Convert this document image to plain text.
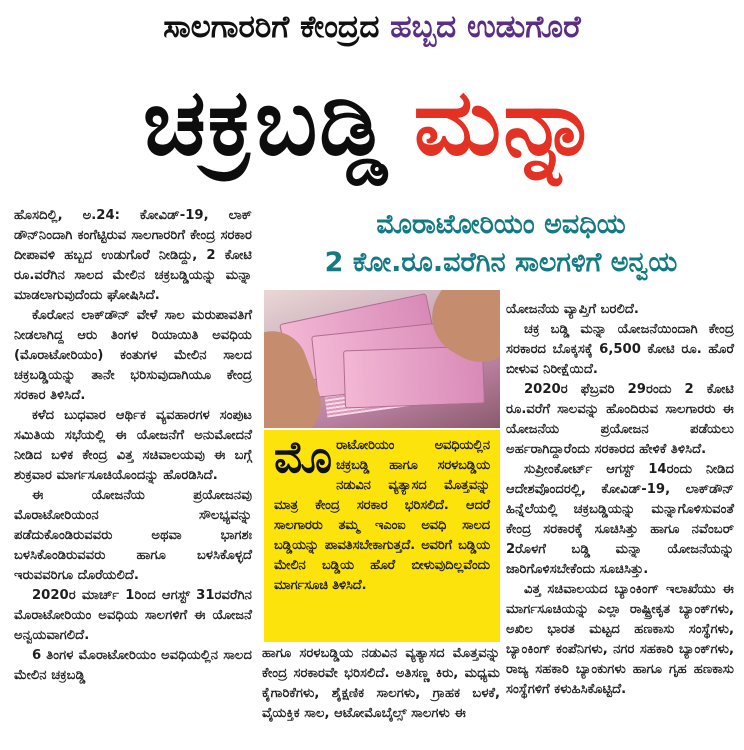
ಸಾಲಗಾರರಿಗೆ ಕೇಂದ್ರದ ಹಬ್ಬದ ಉಡುಗೊರೆ
ಚಕ್ರಬಡ್ಡಿ ಮನ್ನಾ
ಮೊರಾಟೋರಿಯಂ ಅವಧಿಯ
2 ಕೋ.ರೂ.ವರೆಗಿನ ಸಾಲಗಳಿಗೆ ಅನ್ವಯ

ಹೊಸದಿಲ್ಲಿ, ಅ.24: ಕೋವಿಡ್-19, ಲಾಕ್ ಡೌನ್‌ನಿಂದಾಗಿ ಕಂಗೆಟ್ಟಿರುವ ಸಾಲಗಾರರಿಗೆ ಕೇಂದ್ರ ಸರಕಾರ ದೀಪಾವಳಿ ಹಬ್ಬದ ಉಡುಗೊರೆ ನೀಡಿದ್ದು, 2 ಕೋಟಿ ರೂ.ವರೆಗಿನ ಸಾಲದ ಮೇಲಿನ ಚಕ್ರಬಡ್ಡಿಯನ್ನು ಮನ್ನಾ ಮಾಡಲಾಗುವುದೆಂದು ಘೋಷಿಸಿದೆ.

ಕೊರೋನ ಲಾಕ್‌ಡೌನ್ ವೇಳೆ ಸಾಲ ಮರುಪಾವತಿಗೆ ನೀಡಲಾಗಿದ್ದ ಆರು ತಿಂಗಳ ರಿಯಾಯಿತಿ ಅವಧಿಯ (ಮೊರಾಟೋರಿಯಂ) ಕಂತುಗಳ ಮೇಲಿನ ಸಾಲದ ಚಕ್ರಬಡ್ಡಿಯನ್ನು ತಾನೇ ಭರಿಸುವುದಾಗಿಯೂ ಕೇಂದ್ರ ಸರಕಾರ ತಿಳಿಸಿದೆ.

ಕಳೆದ ಬುಧವಾರ ಆರ್ಥಿಕ ವ್ಯವಹಾರಗಳ ಸಂಪುಟ ಸಮಿತಿಯ ಸಭೆಯಲ್ಲಿ ಈ ಯೋಜನೆಗೆ ಅನುಮೋದನೆ ನೀಡಿದ ಬಳಿಕ ಕೇಂದ್ರ ವಿತ್ತ ಸಚಿವಾಲಯವು ಈ ಬಗ್ಗೆ ಶುಕ್ರವಾರ ಮಾರ್ಗಸೂಚಿಯೊಂದನ್ನು ಹೊರಡಿಸಿದೆ.

ಈ ಯೋಜನೆಯ ಪ್ರಯೋಜನವು ಮೊರಾಟೋರಿಯಂನ ಸೌಲಭ್ಯವನ್ನು ಪಡೆದುಕೊಂಡಿರುವವರು ಅಥವಾ ಭಾಗಶಃ ಬಳಸಿಕೊಂಡಿರುವವರು ಹಾಗೂ ಬಳಸಿಕೊಳ್ಳದೆ ಇರುವವರಿಗೂ ದೊರೆಯಲಿದೆ.

2020ರ ಮಾರ್ಚ್ 1ರಿಂದ ಆಗಸ್ಟ್ 31ರವರೆಗಿನ ಮೊರಾಟೋರಿಯಂ ಅವಧಿಯ ಸಾಲಗಳಿಗೆ ಈ ಯೋಜನೆ ಅನ್ವಯವಾಗಲಿದೆ.

6 ತಿಂಗಳ ಮೊರಾಟೋರಿಯಂ ಅವಧಿಯಲ್ಲಿನ ಸಾಲದ ಮೇಲಿನ ಚಕ್ರಬಡ್ಡಿ

ಮೊ ರಾಟೋರಿಯಂ	ಅವಧಿಯಲ್ಲಿನ ಚಕ್ರಬಡ್ಡಿ ಹಾಗೂ ಸರಳಬಡ್ಡಿಯ ನಡುವಿನ ವ್ಯತ್ಯಾಸದ ಮೊತ್ತವನ್ನು ಮಾತ್ರ ಕೇಂದ್ರ ಸರಕಾರ ಭರಿಸಲಿದೆ. ಆದರೆ ಸಾಲಗಾರರು ತಮ್ಮ ಇಎಂಐ ಅವಧಿ ಸಾಲದ ಬಡ್ಡಿಯನ್ನು ಪಾವತಿಸಬೇಕಾಗುತ್ತದೆ. ಅವರಿಗೆ ಬಡ್ಡಿಯ ಮೇಲಿನ ಬಡ್ಡಿಯ ಹೊರೆ ಬೀಳುವುದಿಲ್ಲವೆಂದು ಮಾರ್ಗಸೂಚಿ ತಿಳಿಸಿದೆ.

ಹಾಗೂ ಸರಳಬಡ್ಡಿಯ ನಡುವಿನ ವ್ಯತ್ಯಾಸದ ಮೊತ್ತವನ್ನು ಕೇಂದ್ರ ಸರಕಾರವೇ ಭರಿಸಲಿದೆ. ಅತಿಸಣ್ಣ ಕಿರು, ಮಧ್ಯಮ ಕೈಗಾರಿಕೆಗಳು, ಶೈಕ್ಷಣಿಕ ಸಾಲಗಳು, ಗ್ರಾಹಕ ಬಳಕೆ, ವೈಯಕ್ತಿಕ ಸಾಲ, ಆಟೋಮೊಬೈಲ್ಸ್ ಸಾಲಗಳು ಈ

ಯೋಜನೆಯ ವ್ಯಾಪ್ತಿಗೆ ಬರಲಿದೆ.

ಚಕ್ರ ಬಡ್ಡಿ ಮನ್ನಾ ಯೋಜನೆಯಿಂದಾಗಿ ಕೇಂದ್ರ ಸರಕಾರದ ಬೊಕ್ಕಸಕ್ಕೆ 6,500 ಕೋಟಿ ರೂ. ಹೊರೆ ಬೀಳುವ ನಿರೀಕ್ಷೆಯಿದೆ.

2020ರ ಫೆಬ್ರವರಿ 29ರಂದು 2 ಕೋಟಿ ರೂ.ವರೆಗೆ ಸಾಲವನ್ನು ಹೊಂದಿರುವ ಸಾಲಗಾರರು ಈ ಯೋಜನೆಯ ಪ್ರಯೋಜನ ಪಡೆಯಲು ಅರ್ಹರಾಗಿದ್ದಾರೆಂದು ಸರಕಾರದ ಹೇಳಿಕೆ ತಿಳಿಸಿದೆ.

ಸುಪ್ರೀಂಕೋರ್ಟ್ ಆಗಸ್ಟ್ 14ರಂದು ನೀಡಿದ ಆದೇಶವೊಂದರಲ್ಲಿ, ಕೋವಿಡ್-19, ಲಾಕ್‌ಡೌನ್ ಹಿನ್ನೆಲೆಯಲ್ಲಿ ಚಕ್ರಬಡ್ಡಿಯನ್ನು ಮನ್ನಾಗೊಳಿಸುವಂತೆ ಕೇಂದ್ರ ಸರಕಾರಕ್ಕೆ ಸೂಚಿಸಿತ್ತು ಹಾಗೂ ನವೆಂಬರ್ 2ರೊಳಗೆ ಬಡ್ಡಿ ಮನ್ನಾ ಯೋಜನೆಯನ್ನು ಜಾರಿಗೊಳಿಸಬೇಕೆಂದು ಸೂಚಿಸಿತ್ತು.

ವಿತ್ತ ಸಚಿವಾಲಯದ ಬ್ಯಾಂಕಿಂಗ್ ಇಲಾಖೆಯು ಈ ಮಾರ್ಗಸೂಚಿಯನ್ನು ಎಲ್ಲಾ ರಾಷ್ಟ್ರೀಕೃತ ಬ್ಯಾಂಕ್‌ಗಳು, ಅಖಿಲ ಭಾರತ ಮಟ್ಟದ ಹಣಕಾಸು ಸಂಸ್ಥೆಗಳು, ಬ್ಯಾಂಕಿಂಗ್ ಕಂಪೆನಿಗಳು, ನಗರ ಸಹಕಾರಿ ಬ್ಯಾಂಕ್‌ಗಳು, ರಾಜ್ಯ ಸಹಕಾರಿ ಬ್ಯಾಂಕುಗಳು ಹಾಗೂ ಗೃಹ ಹಣಕಾಸು ಸಂಸ್ಥೆಗಳಿಗೆ ಕಳುಹಿಸಿಕೊಟ್ಟಿದೆ.
